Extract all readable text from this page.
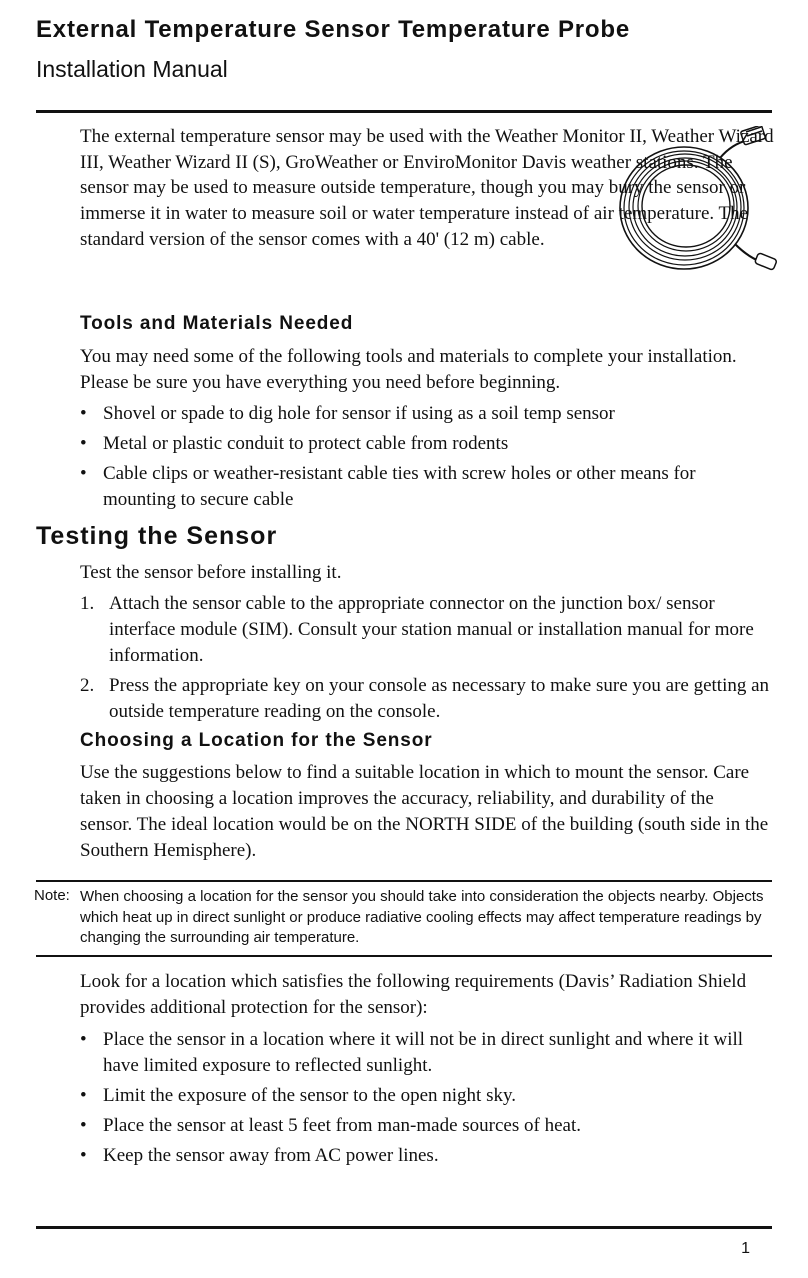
External Temperature Sensor Temperature Probe
Installation Manual

The external temperature sensor may be used with the Weather Monitor II, Weather Wizard III, Weather Wizard II (S), GroWeather or EnviroMonitor Davis weather stations. The sensor may be used to measure outside temperature, though you may bury the sensor or immerse it in water to measure soil or water temperature instead of air temperature. The standard version of the sensor comes with a 40' (12 m) cable.

Tools and Materials Needed

You may need some of the following tools and materials to complete your installation. Please be sure you have everything you need before beginning.

• Shovel or spade to dig hole for sensor if using as a soil temp sensor
• Metal or plastic conduit to protect cable from rodents
• Cable clips or weather-resistant cable ties with screw holes or other means for mounting to secure cable
Testing the Sensor

Test the sensor before installing it.

1. Attach the sensor cable to the appropriate connector on the junction box/ sensor interface module (SIM). Consult your station manual or installation manual for more information.
2. Press the appropriate key on your console as necessary to make sure you are getting an outside temperature reading on the console.
Choosing a Location for the Sensor

Use the suggestions below to find a suitable location in which to mount the sensor. Care taken in choosing a location improves the accuracy, reliability, and durability of the sensor. The ideal location would be on the NORTH SIDE of the building (south side in the Southern Hemisphere).

Note: When choosing a location for the sensor you should take into consideration the objects nearby. Objects which heat up in direct sunlight or produce radiative cooling effects may affect temperature readings by changing the surrounding air temperature.

Look for a location which satisfies the following requirements (Davis’ Radiation Shield provides additional protection for the sensor):

• Place the sensor in a location where it will not be in direct sunlight and where it will have limited exposure to reflected sunlight.
• Limit the exposure of the sensor to the open night sky.
• Place the sensor at least 5 feet from man-made sources of heat.
• Keep the sensor away from AC power lines.

1
